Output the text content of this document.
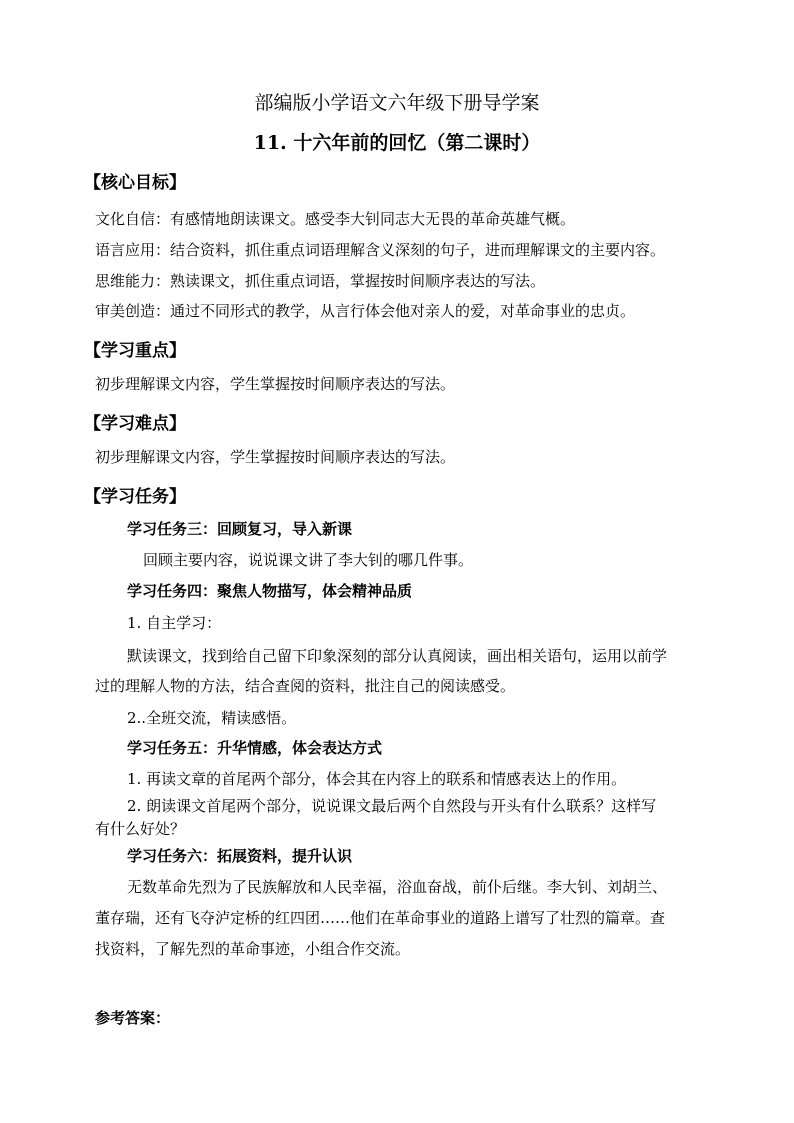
部编版小学语文六年级下册导学案
11. 十六年前的回忆（第二课时）
【核心目标】
文化自信：有感情地朗读课文。感受李大钊同志大无畏的革命英雄气概。
语言应用：结合资料，抓住重点词语理解含义深刻的句子，进而理解课文的主要内容。
思维能力：熟读课文，抓住重点词语，掌握按时间顺序表达的写法。
审美创造：通过不同形式的教学，从言行体会他对亲人的爱，对革命事业的忠贞。
【学习重点】
初步理解课文内容，学生掌握按时间顺序表达的写法。
【学习难点】
初步理解课文内容，学生掌握按时间顺序表达的写法。
【学习任务】
学习任务三：回顾复习，导入新课
回顾主要内容，说说课文讲了李大钊的哪几件事。
学习任务四：聚焦人物描写，体会精神品质
1. 自主学习：
默读课文，找到给自己留下印象深刻的部分认真阅读，画出相关语句，运用以前学
过的理解人物的方法，结合查阅的资料，批注自己的阅读感受。
2..全班交流，精读感悟。
学习任务五：升华情感，体会表达方式
1. 再读文章的首尾两个部分，体会其在内容上的联系和情感表达上的作用。
2. 朗读课文首尾两个部分，说说课文最后两个自然段与开头有什么联系？这样写
有什么好处？
学习任务六：拓展资料，提升认识
无数革命先烈为了民族解放和人民幸福，浴血奋战，前仆后继。李大钊、刘胡兰、
董存瑞，还有飞夺泸定桥的红四团……他们在革命事业的道路上谱写了壮烈的篇章。查
找资料，了解先烈的革命事迹，小组合作交流。
参考答案：
